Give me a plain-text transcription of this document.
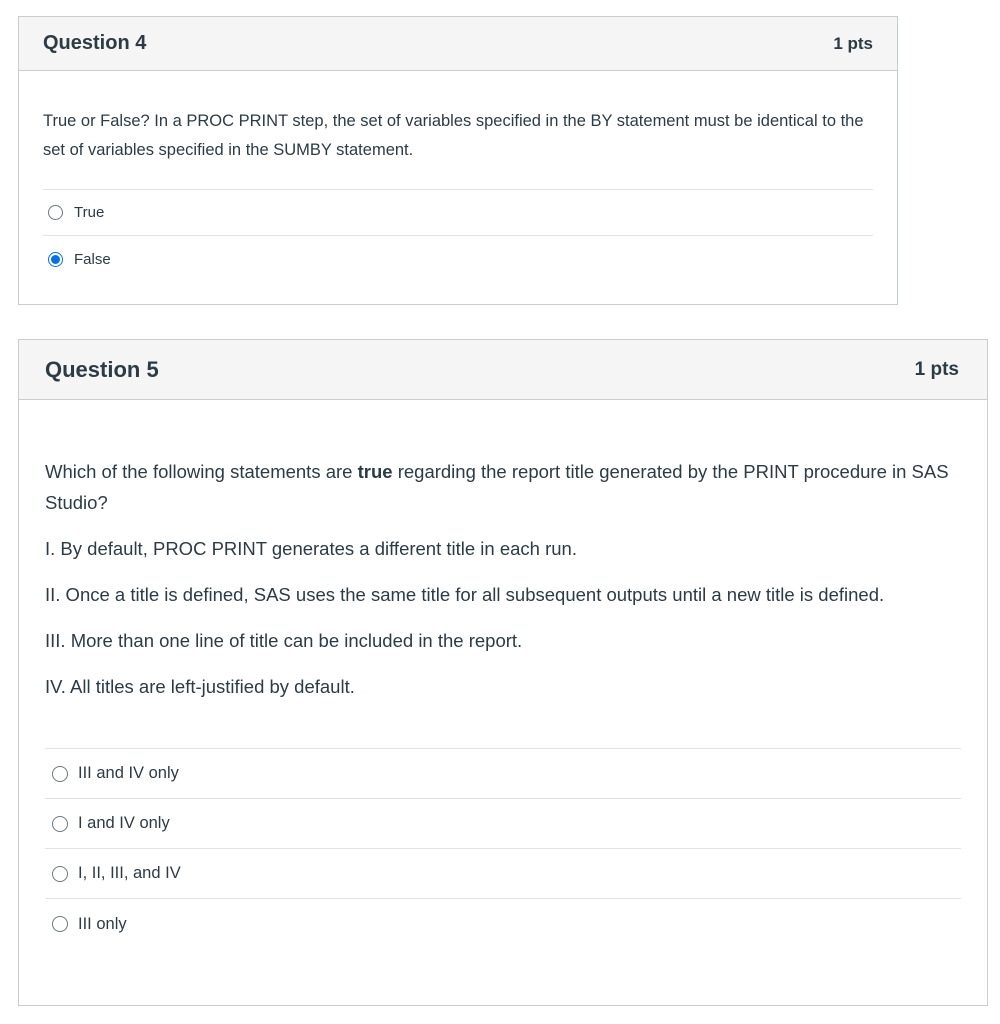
Question 4	1 pts

True or False? In a PROC PRINT step, the set of variables specified in the BY statement must be identical to the set of variables specified in the SUMBY statement.

True
False
Question 5	1 pts

Which of the following statements are true regarding the report title generated by the PRINT procedure in SAS Studio?

I. By default, PROC PRINT generates a different title in each run.

II. Once a title is defined, SAS uses the same title for all subsequent outputs until a new title is defined.

III. More than one line of title can be included in the report.

IV. All titles are left-justified by default.

III and IV only
I and IV only
I, II, III, and IV
III only
